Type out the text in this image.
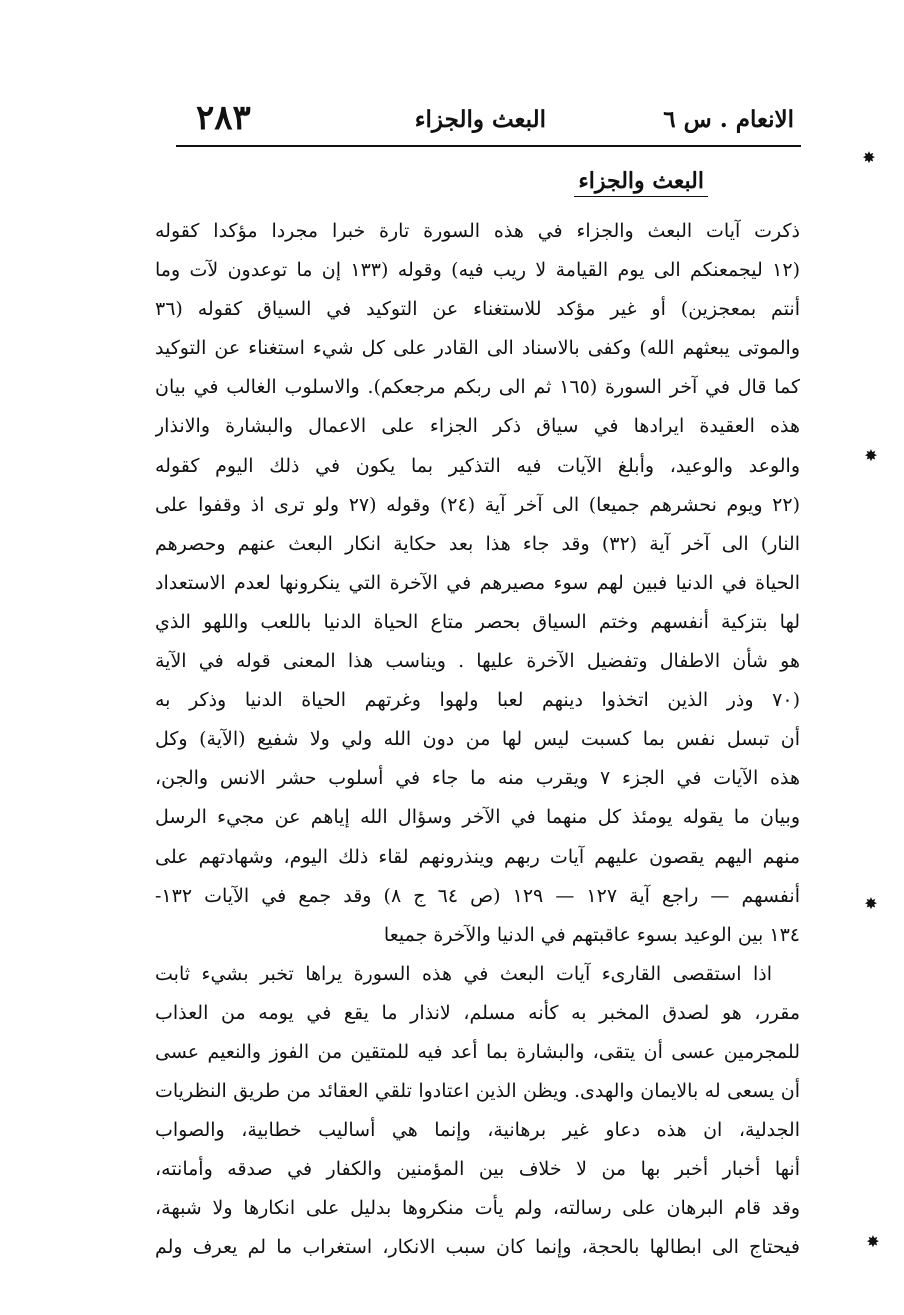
الانعام . س ٦
البعث والجزاء
٢٨٣
البعث والجزاء
ذكرت آيات البعث والجزاء في هذه السورة تارة خبرا مجردا مؤكدا كقوله
(١٢ ليجمعنكم الى يوم القيامة لا ريب فيه) وقوله (١٣٣ إن ما توعدون لآت وما
أنتم بمعجزين) أو غير مؤكد للاستغناء عن التوكيد في السياق كقوله (٣٦
والموتى يبعثهم الله) وكفى بالاسناد الى القادر على كل شيء استغناء عن التوكيد
كما قال في آخر السورة (١٦٥ ثم الى ربكم مرجعكم). والاسلوب الغالب في بيان
هذه العقيدة ايرادها في سياق ذكر الجزاء على الاعمال والبشارة والانذار
والوعد والوعيد، وأبلغ الآيات فيه التذكير بما يكون في ذلك اليوم كقوله
(٢٢ ويوم نحشرهم جميعا) الى آخر آية (٢٤) وقوله (٢٧ ولو ترى اذ وقفوا على
النار) الى آخر آية (٣٢) وقد جاء هذا بعد حكاية انكار البعث عنهم وحصرهم
الحياة في الدنيا فبين لهم سوء مصيرهم في الآخرة التي ينكرونها لعدم الاستعداد
لها بتزكية أنفسهم وختم السياق بحصر متاع الحياة الدنيا باللعب واللهو الذي
هو شأن الاطفال وتفضيل الآخرة عليها . ويناسب هذا المعنى قوله في الآية
(٧٠ وذر الذين اتخذوا دينهم لعبا ولهوا وغرتهم الحياة الدنيا وذكر به
أن تبسل نفس بما كسبت ليس لها من دون الله ولي ولا شفيع (الآية) وكل
هذه الآيات في الجزء ٧ ويقرب منه ما جاء في أسلوب حشر الانس والجن،
وبيان ما يقوله يومئذ كل منهما في الآخر وسؤال الله إياهم عن مجيء الرسل
منهم اليهم يقصون عليهم آيات ربهم وينذرونهم لقاء ذلك اليوم، وشهادتهم على
أنفسهم — راجع آية ١٢٧ — ١٢٩ (ص ٦٤ ج ٨) وقد جمع في الآيات ١٣٢-
١٣٤ بين الوعيد بسوء عاقبتهم في الدنيا والآخرة جميعا
اذا استقصى القارىء آيات البعث في هذه السورة يراها تخبر بشيء ثابت
مقرر، هو لصدق المخبر به كأنه مسلم، لانذار ما يقع في يومه من العذاب
للمجرمين عسى أن يتقى، والبشارة بما أعد فيه للمتقين من الفوز والنعيم عسى
أن يسعى له بالايمان والهدى. ويظن الذين اعتادوا تلقي العقائد من طريق النظريات
الجدلية، ان هذه دعاو غير برهانية، وإنما هي أساليب خطابية، والصواب
أنها أخبار أخبر بها من لا خلاف بين المؤمنين والكفار في صدقه وأمانته،
وقد قام البرهان على رسالته، ولم يأت منكروها بدليل على انكارها ولا شبهة،
فيحتاج الى ابطالها بالحجة، وإنما كان سبب الانكار، استغراب ما لم يعرف ولم
✸
✸
✸
✸
